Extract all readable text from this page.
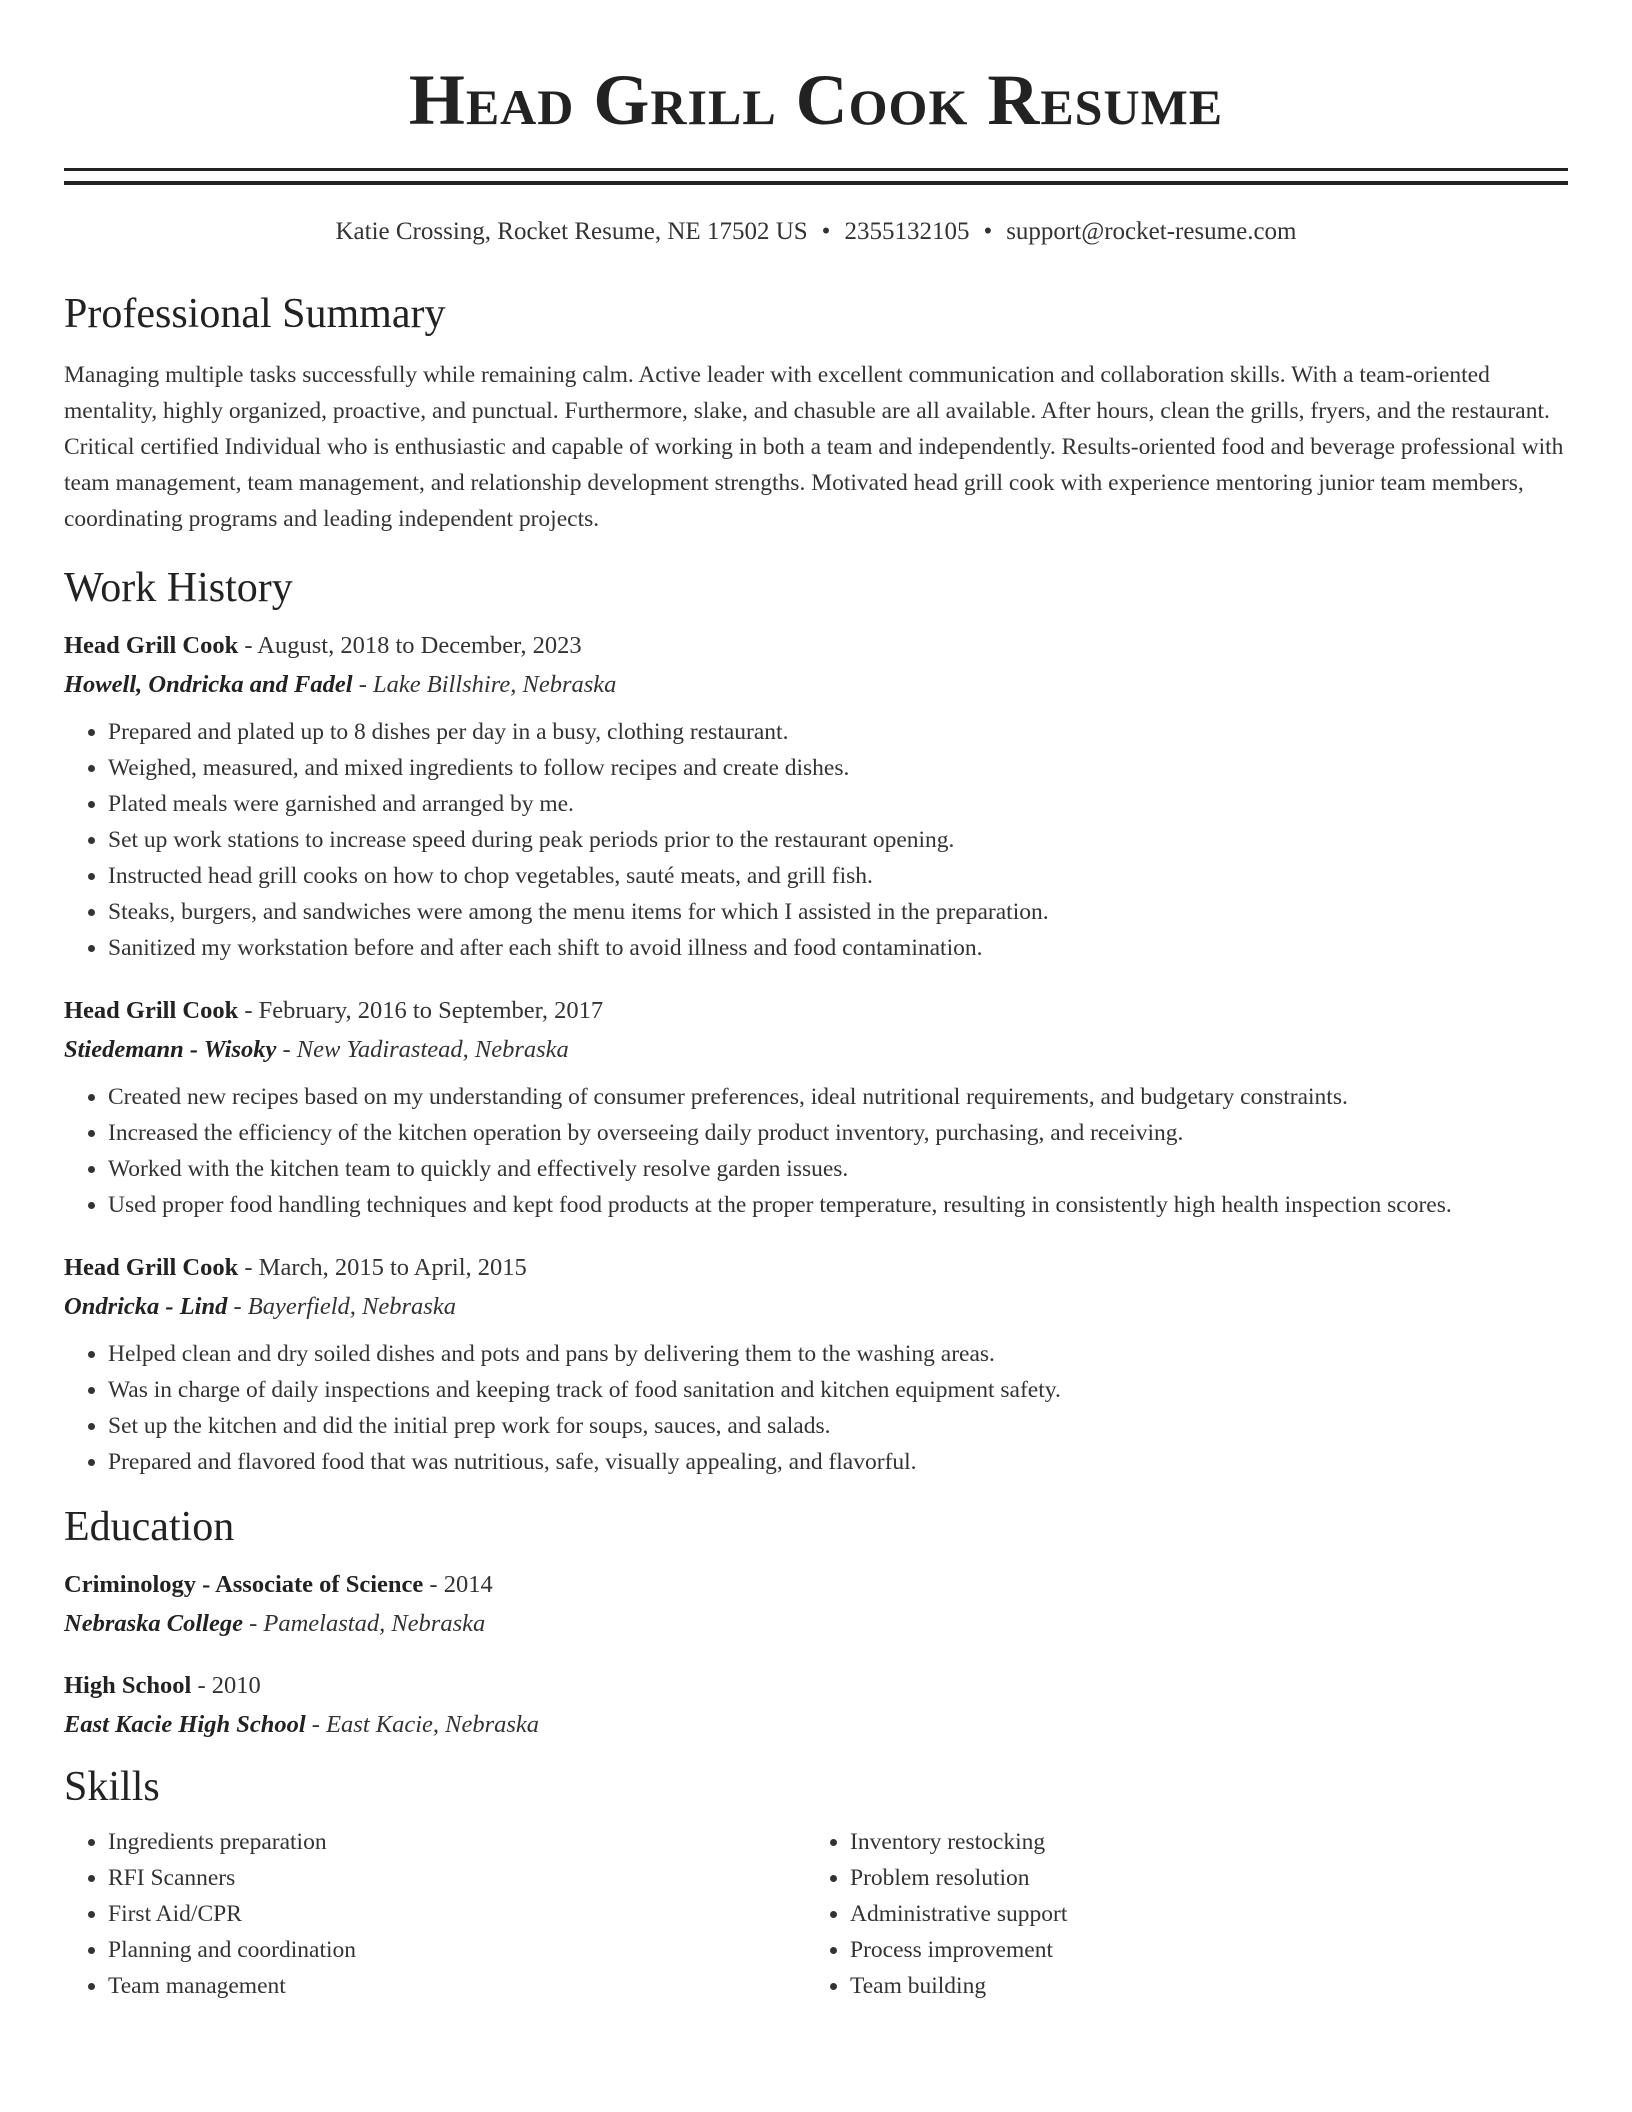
Head Grill Cook Resume
Katie Crossing, Rocket Resume, NE 17502 US • 2355132105 • support@rocket-resume.com
Professional Summary

Managing multiple tasks successfully while remaining calm. Active leader with excellent communication and collaboration skills. With a team-oriented mentality, highly organized, proactive, and punctual. Furthermore, slake, and chasuble are all available. After hours, clean the grills, fryers, and the restaurant. Critical certified Individual who is enthusiastic and capable of working in both a team and independently. Results-oriented food and beverage professional with team management, team management, and relationship development strengths. Motivated head grill cook with experience mentoring junior team members, coordinating programs and leading independent projects.

Work History
Head Grill Cook - August, 2018 to December, 2023
Howell, Ondricka and Fadel - Lake Billshire, Nebraska
• Prepared and plated up to 8 dishes per day in a busy, clothing restaurant.
• Weighed, measured, and mixed ingredients to follow recipes and create dishes.
• Plated meals were garnished and arranged by me.
• Set up work stations to increase speed during peak periods prior to the restaurant opening.
• Instructed head grill cooks on how to chop vegetables, sauté meats, and grill fish.
• Steaks, burgers, and sandwiches were among the menu items for which I assisted in the preparation.
• Sanitized my workstation before and after each shift to avoid illness and food contamination.
Head Grill Cook - February, 2016 to September, 2017
Stiedemann - Wisoky - New Yadirastead, Nebraska
• Created new recipes based on my understanding of consumer preferences, ideal nutritional requirements, and budgetary constraints.
• Increased the efficiency of the kitchen operation by overseeing daily product inventory, purchasing, and receiving.
• Worked with the kitchen team to quickly and effectively resolve garden issues.
• Used proper food handling techniques and kept food products at the proper temperature, resulting in consistently high health inspection scores.
Head Grill Cook - March, 2015 to April, 2015
Ondricka - Lind - Bayerfield, Nebraska
• Helped clean and dry soiled dishes and pots and pans by delivering them to the washing areas.
• Was in charge of daily inspections and keeping track of food sanitation and kitchen equipment safety.
• Set up the kitchen and did the initial prep work for soups, sauces, and salads.
• Prepared and flavored food that was nutritious, safe, visually appealing, and flavorful.
Education
Criminology - Associate of Science - 2014
Nebraska College - Pamelastad, Nebraska
High School - 2010
East Kacie High School - East Kacie, Nebraska
Skills
• Ingredients preparation
• RFI Scanners
• First Aid/CPR
• Planning and coordination
• Team management
• Inventory restocking
• Problem resolution
• Administrative support
• Process improvement
• Team building
